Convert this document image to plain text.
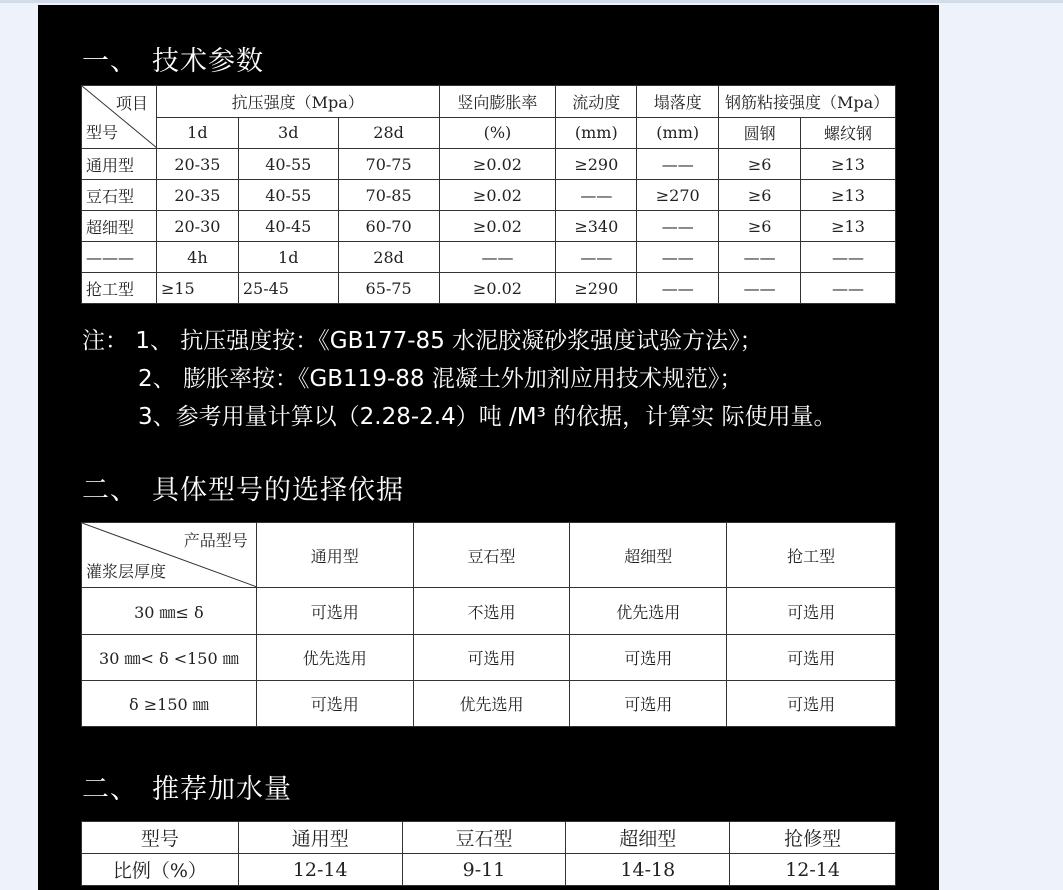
一、 技术参数
项目
型号	抗压强度（Mpa）			竖向膨胀率	流动度	塌落度	钢筋粘接强度（Mpa）	
	1d	3d	28d	(%)	(mm)	(mm)	圆钢	螺纹钢
通用型	20-35	40-55	70-75	≥0.02	≥290	——	≥6	≥13
豆石型	20-35	40-55	70-85	≥0.02	——	≥270	≥6	≥13
超细型	20-30	40-45	60-70	≥0.02	≥340	——	≥6	≥13
———	4h	1d	28d	——	——	——	——	——
抢工型	≥15	25-45	65-75	≥0.02	≥290	——	——	——
注： 1、 抗压强度按：《GB177-85 水泥胶凝砂浆强度试验方法》；
2、 膨胀率按：《GB119-88 混凝土外加剂应用技术规范》；
3、参考用量计算以（2.28-2.4）吨 /M³ 的依据，计算实 际使用量。
二、 具体型号的选择依据
产品型号
灌浆层厚度	通用型	豆石型	超细型	抢工型
30 ㎜≤ δ	可选用	不选用	优先选用	可选用
30 ㎜< δ <150 ㎜	优先选用	可选用	可选用	可选用
δ ≥150 ㎜	可选用	优先选用	可选用	可选用
二、 推荐加水量
型号	通用型	豆石型	超细型	抢修型
比例（%）	12-14	9-11	14-18	12-14
